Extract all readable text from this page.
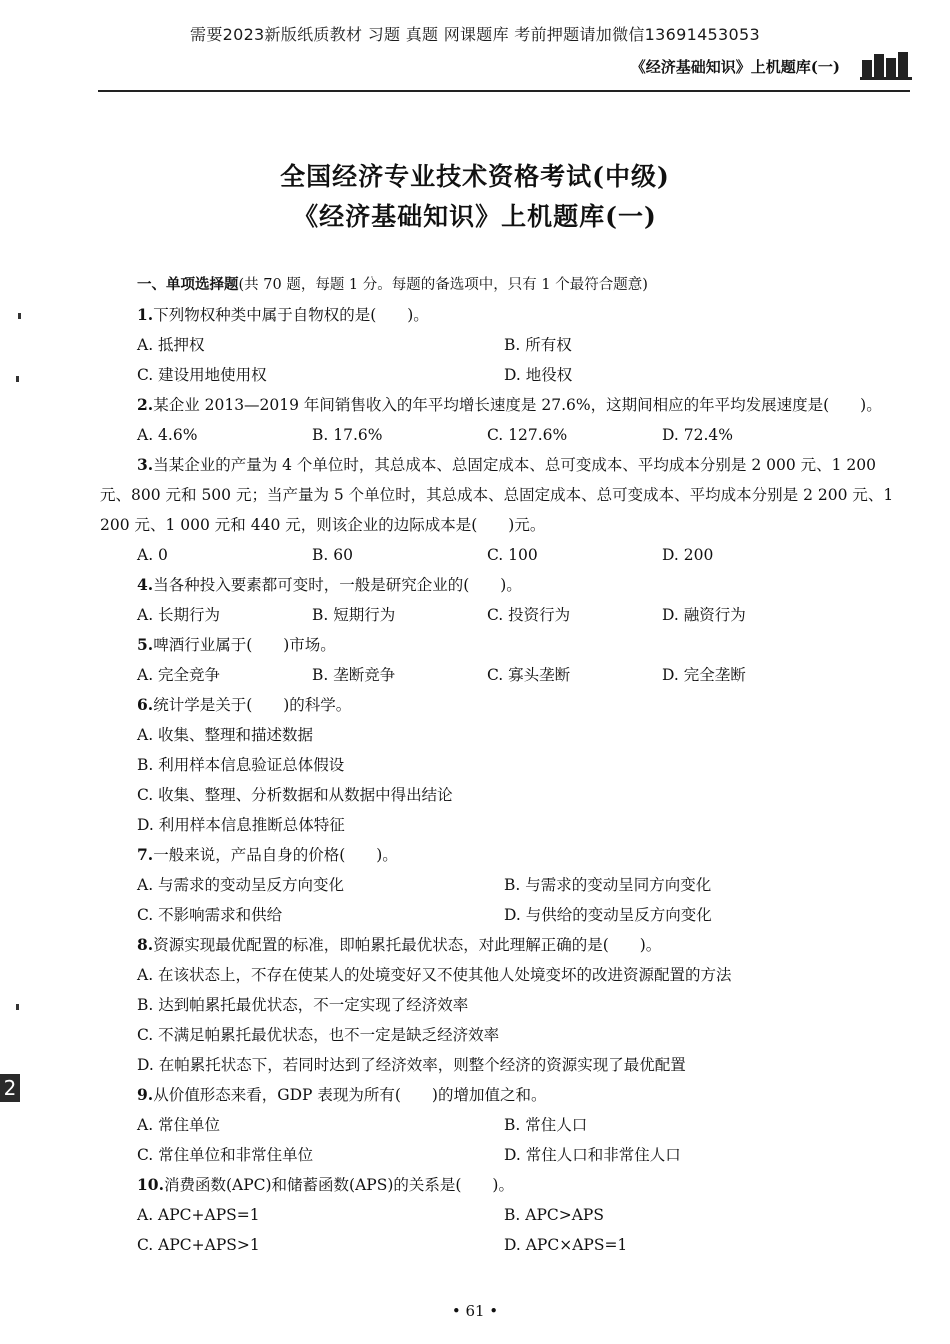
需要2023新版纸质教材 习题 真题 网课题库 考前押题请加微信13691453053
《经济基础知识》上机题库(一)
全国经济专业技术资格考试(中级)
《经济基础知识》上机题库(一)
一、单项选择题(共 70 题，每题 1 分。每题的备选项中，只有 1 个最符合题意)
1.下列物权种类中属于自物权的是(　　)。
A. 抵押权	B. 所有权
C. 建设用地使用权	D. 地役权
2.某企业 2013—2019 年间销售收入的年平均增长速度是 27.6%，这期间相应的年平均发展速度是(　　)。
A. 4.6%	B. 17.6%	C. 127.6%	D. 72.4%
3.当某企业的产量为 4 个单位时，其总成本、总固定成本、总可变成本、平均成本分别是 2 000 元、1 200 元、800 元和 500 元；当产量为 5 个单位时，其总成本、总固定成本、总可变成本、平均成本分别是 2 200 元、1 200 元、1 000 元和 440 元，则该企业的边际成本是(　　)元。
A. 0	B. 60	C. 100	D. 200
4.当各种投入要素都可变时，一般是研究企业的(　　)。
A. 长期行为	B. 短期行为	C. 投资行为	D. 融资行为
5.啤酒行业属于(　　)市场。
A. 完全竞争	B. 垄断竞争	C. 寡头垄断	D. 完全垄断
6.统计学是关于(　　)的科学。
A. 收集、整理和描述数据
B. 利用样本信息验证总体假设
C. 收集、整理、分析数据和从数据中得出结论
D. 利用样本信息推断总体特征
7.一般来说，产品自身的价格(　　)。
A. 与需求的变动呈反方向变化	B. 与需求的变动呈同方向变化
C. 不影响需求和供给	D. 与供给的变动呈反方向变化
8.资源实现最优配置的标准，即帕累托最优状态，对此理解正确的是(　　)。
A. 在该状态上，不存在使某人的处境变好又不使其他人处境变坏的改进资源配置的方法
B. 达到帕累托最优状态，不一定实现了经济效率
C. 不满足帕累托最优状态，也不一定是缺乏经济效率
D. 在帕累托状态下，若同时达到了经济效率，则整个经济的资源实现了最优配置
9.从价值形态来看，GDP 表现为所有(　　)的增加值之和。
A. 常住单位	B. 常住人口
C. 常住单位和非常住单位	D. 常住人口和非常住人口
10.消费函数(APC)和储蓄函数(APS)的关系是(　　)。
A. APC+APS=1	B. APC>APS
C. APC+APS>1	D. APC×APS=1
2
• 61 •
